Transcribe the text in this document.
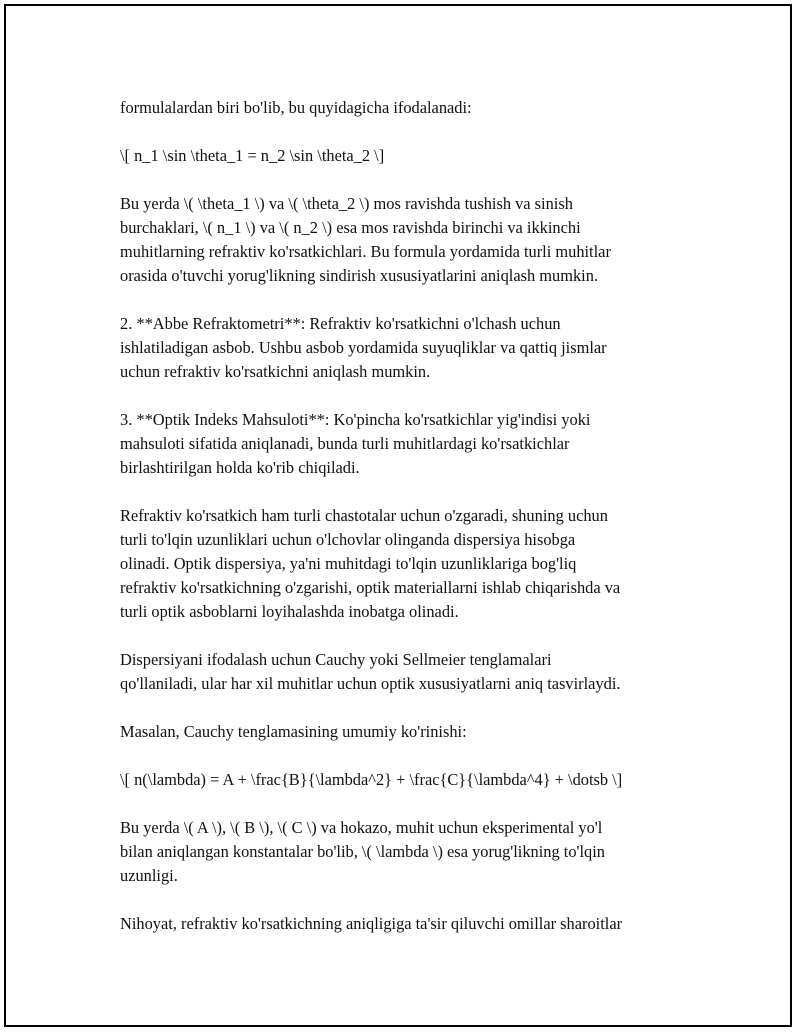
formulalardan biri bo'lib, bu quyidagicha ifodalanadi:

\[ n_1 \sin \theta_1 = n_2 \sin \theta_2 \]

Bu yerda \( \theta_1 \) va \( \theta_2 \) mos ravishda tushish va sinish
burchaklari, \( n_1 \) va \( n_2 \) esa mos ravishda birinchi va ikkinchi
muhitlarning refraktiv ko'rsatkichlari. Bu formula yordamida turli muhitlar
orasida o'tuvchi yorug'likning sindirish xususiyatlarini aniqlash mumkin.

2. **Abbe Refraktometri**: Refraktiv ko'rsatkichni o'lchash uchun
ishlatiladigan asbob. Ushbu asbob yordamida suyuqliklar va qattiq jismlar
uchun refraktiv ko'rsatkichni aniqlash mumkin.

3. **Optik Indeks Mahsuloti**: Ko'pincha ko'rsatkichlar yig'indisi yoki
mahsuloti sifatida aniqlanadi, bunda turli muhitlardagi ko'rsatkichlar
birlashtirilgan holda ko'rib chiqiladi.

Refraktiv ko'rsatkich ham turli chastotalar uchun o'zgaradi, shuning uchun
turli to'lqin uzunliklari uchun o'lchovlar olinganda dispersiya hisobga
olinadi. Optik dispersiya, ya'ni muhitdagi to'lqin uzunliklariga bog'liq
refraktiv ko'rsatkichning o'zgarishi, optik materiallarni ishlab chiqarishda va
turli optik asboblarni loyihalashda inobatga olinadi.

Dispersiyani ifodalash uchun Cauchy yoki Sellmeier tenglamalari
qo'llaniladi, ular har xil muhitlar uchun optik xususiyatlarni aniq tasvirlaydi.

Masalan, Cauchy tenglamasining umumiy ko'rinishi:

\[ n(\lambda) = A + \frac{B}{\lambda^2} + \frac{C}{\lambda^4} + \dotsb \]

Bu yerda \( A \), \( B \), \( C \) va hokazo, muhit uchun eksperimental yo'l
bilan aniqlangan konstantalar bo'lib, \( \lambda \) esa yorug'likning to'lqin
uzunligi.

Nihoyat, refraktiv ko'rsatkichning aniqligiga ta'sir qiluvchi omillar sharoitlar
